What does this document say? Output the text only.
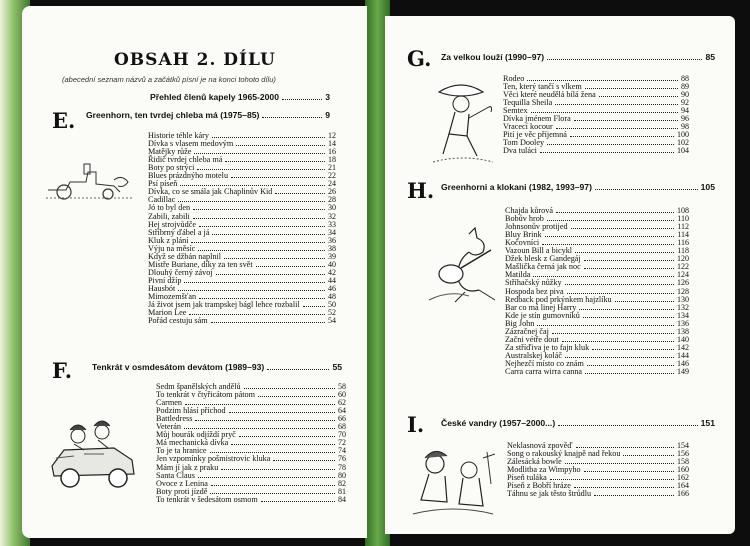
OBSAH 2. DÍLU
(abecední seznam názvů a začátků písní je na konci tohoto dílu)
Přehled členů kapely 1965-2000	3
E. Greenhorn, ten tvrdej chleba má (1975–85)	9
Historie téhle káry	12
Dívka s vlasem medovým	14
Matějky růže	16
Řidič tvrdej chleba má	18
Boty po strýci	21
Blues prázdnýho motelu	22
Psí píseň	24
Dívka, co se smála jak Chaplinův Kid	26
Cadillac	28
Jó to byl den	30
Zabili, zabili	32
Hej strojvůdče	33
Stříbrný ďábel a já	34
Kluk z plání	36
Výju na měsíc	38
Když se džbán naplnil	39
Mistře Buriane, díky za ten svět	40
Dlouhý černý závoj	42
Pivní džíp	44
Hausbót	46
Mimozemšťan	48
Já život jsem jak trampskej bágl lehce rozbalil	50
Marion Lee	52
Pořád cestuju sám	54
F. Tenkrát v osmdesátom devátom (1989–93)	55
Sedm španělských andělů	58
To tenkrát v čtyřicátom pátom	60
Carmen	62
Podzim hlásí příchod	64
Battledress	66
Veterán	68
Můj bourák odjíždí pryč	70
Má mechanická dívka	72
To je ta hranice	74
Jen vzpomínky pošmistrovic kluka	76
Mám jí jak z praku	78
Santa Claus	80
Ovoce z Lenina	82
Boty proti jízdě	81
To tenkrát v šedesátom osmom	84
G. Za velkou louží (1990–97)	85
Rodeo	88
Ten, který tančí s vlkem	89
Věci které neudělá bílá žena	90
Tequilla Sheila	92
Semtex	94
Dívka jménem Flora	96
Vracecí kocour	98
Pití je věc příjemná	100
Tom Dooley	102
Dva tuláci	104
H. Greenhorni a klokani (1982, 1993–97)	105
Chajda kůrová	108
Bobův hrob	110
Johnsonův protijed	112
Bluy Brink	114
Kočovníci	116
Vazoun Bill a bicykl	118
Džek blesk z Gandegáj	120
Mašlička černá jak noc	122
Matilda	124
Stříhačský nůžky	126
Hospoda bez piva	128
Redback pod prkýnkem hajzlíku	130
Bar co má linej Harry	132
Kde je stín gumovníků	134
Big John	136
Zázračnej čaj	138
Začni vétře dout	140
Za stříďiva je to fajn kluk	142
Australskej koláč	144
Nejhezčí místo co znám	146
Carra carra wirra canna	149
I. České vandry (1957–2000...)	151
Neklasnová zpověď	154
Song o rakouský knajpě nad řekou	156
Zálesácká bowle	158
Modlitba za Wimpyho	160
Píseň tuláka	162
Píseň z Bobří hráze	164
Táhnu se jak těsto štrůdlu	166
